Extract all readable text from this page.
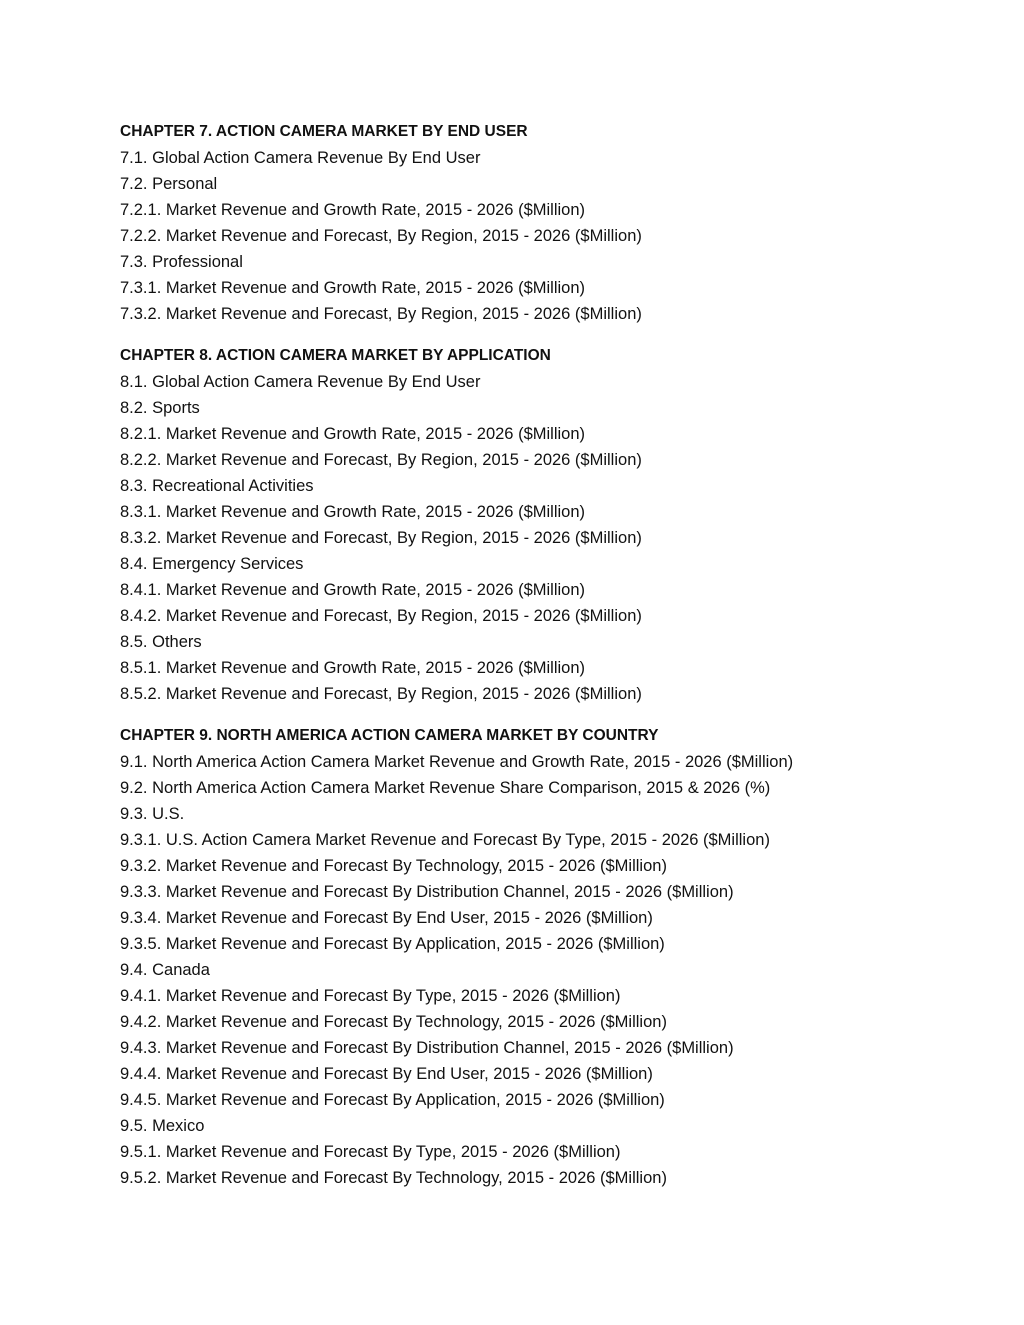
CHAPTER 7. ACTION CAMERA MARKET BY END USER
7.1. Global Action Camera Revenue By End User
7.2. Personal
7.2.1. Market Revenue and Growth Rate, 2015 - 2026 ($Million)
7.2.2. Market Revenue and Forecast, By Region, 2015 - 2026 ($Million)
7.3. Professional
7.3.1. Market Revenue and Growth Rate, 2015 - 2026 ($Million)
7.3.2. Market Revenue and Forecast, By Region, 2015 - 2026 ($Million)
CHAPTER 8. ACTION CAMERA MARKET BY APPLICATION
8.1. Global Action Camera Revenue By End User
8.2. Sports
8.2.1. Market Revenue and Growth Rate, 2015 - 2026 ($Million)
8.2.2. Market Revenue and Forecast, By Region, 2015 - 2026 ($Million)
8.3. Recreational Activities
8.3.1. Market Revenue and Growth Rate, 2015 - 2026 ($Million)
8.3.2. Market Revenue and Forecast, By Region, 2015 - 2026 ($Million)
8.4. Emergency Services
8.4.1. Market Revenue and Growth Rate, 2015 - 2026 ($Million)
8.4.2. Market Revenue and Forecast, By Region, 2015 - 2026 ($Million)
8.5. Others
8.5.1. Market Revenue and Growth Rate, 2015 - 2026 ($Million)
8.5.2. Market Revenue and Forecast, By Region, 2015 - 2026 ($Million)
CHAPTER 9. NORTH AMERICA ACTION CAMERA MARKET BY COUNTRY
9.1. North America Action Camera Market Revenue and Growth Rate, 2015 - 2026 ($Million)
9.2. North America Action Camera Market Revenue Share Comparison, 2015 & 2026 (%)
9.3. U.S.
9.3.1. U.S. Action Camera Market Revenue and Forecast By Type, 2015 - 2026 ($Million)
9.3.2. Market Revenue and Forecast By Technology, 2015 - 2026 ($Million)
9.3.3. Market Revenue and Forecast By Distribution Channel, 2015 - 2026 ($Million)
9.3.4. Market Revenue and Forecast By End User, 2015 - 2026 ($Million)
9.3.5. Market Revenue and Forecast By Application, 2015 - 2026 ($Million)
9.4. Canada
9.4.1. Market Revenue and Forecast By Type, 2015 - 2026 ($Million)
9.4.2. Market Revenue and Forecast By Technology, 2015 - 2026 ($Million)
9.4.3. Market Revenue and Forecast By Distribution Channel, 2015 - 2026 ($Million)
9.4.4. Market Revenue and Forecast By End User, 2015 - 2026 ($Million)
9.4.5. Market Revenue and Forecast By Application, 2015 - 2026 ($Million)
9.5. Mexico
9.5.1. Market Revenue and Forecast By Type, 2015 - 2026 ($Million)
9.5.2. Market Revenue and Forecast By Technology, 2015 - 2026 ($Million)
